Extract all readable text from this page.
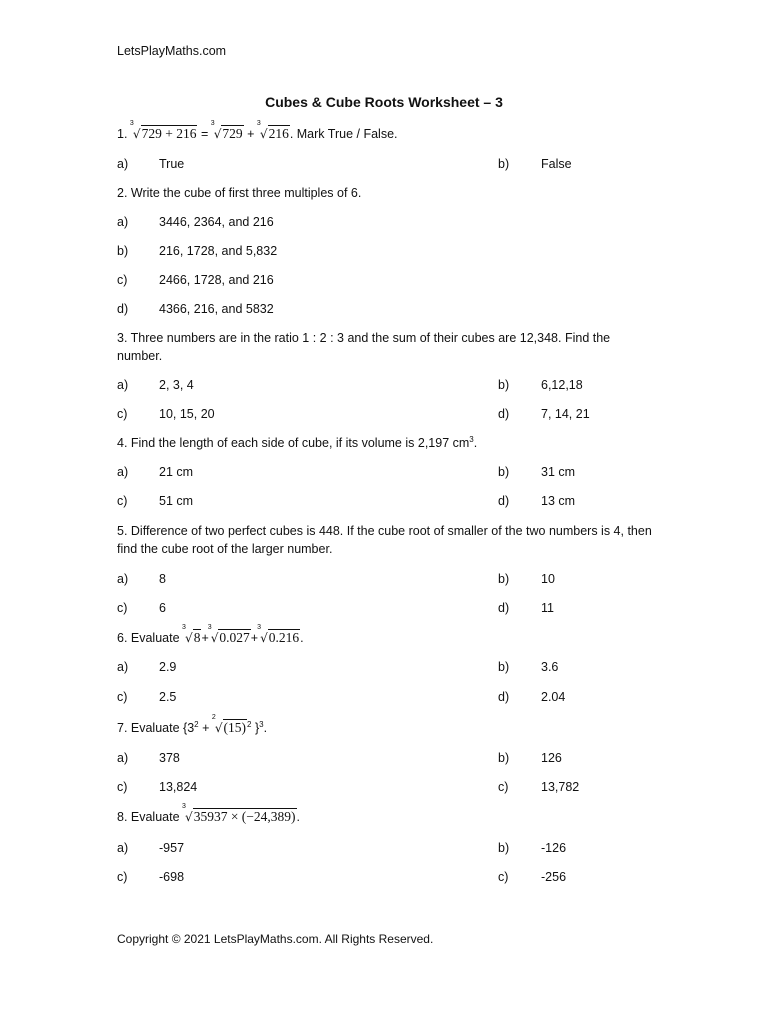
LetsPlayMaths.com
Cubes & Cube Roots Worksheet – 3
1.
3
√729 + 216 =
3
√729 +
3
√216. Mark True / False.
a)	True	b)	False
2. Write the cube of first three multiples of 6.
a)	3446, 2364, and 216
b)	216, 1728, and 5,832
c)	2466, 1728, and 216
d)	4366, 216, and 5832
3. Three numbers are in the ratio 1 : 2 : 3 and the sum of their cubes are 12,348. Find the number.
a)	2, 3, 4	b)	6,12,18
c)	10, 15, 20	d)	7, 14, 21
4. Find the length of each side of cube, if its volume is 2,197 $cm^3$.
a)	21 cm	b)	31 cm
c)	51 cm	d)	13 cm
5. Difference of two perfect cubes is 448. If the cube root of smaller of the two numbers is 4, then find the cube root of the larger number.
a)	8	b)	10
c)	6	d)	11
6. Evaluate
3
√8+
3
√0.027+
3
√0.216.
a)	2.9	b)	3.6
c)	2.5	d)	2.04
7. Evaluate {$3^2$ +
2
$√(15)^2$ }$^3$.
a)	378	b)	126
c)	13,824	c)	13,782
8. Evaluate
3
√35937 × (−24,389).
a)	-957	b)	-126
c)	-698	c)	-256
Copyright © 2021 LetsPlayMaths.com. All Rights Reserved.
